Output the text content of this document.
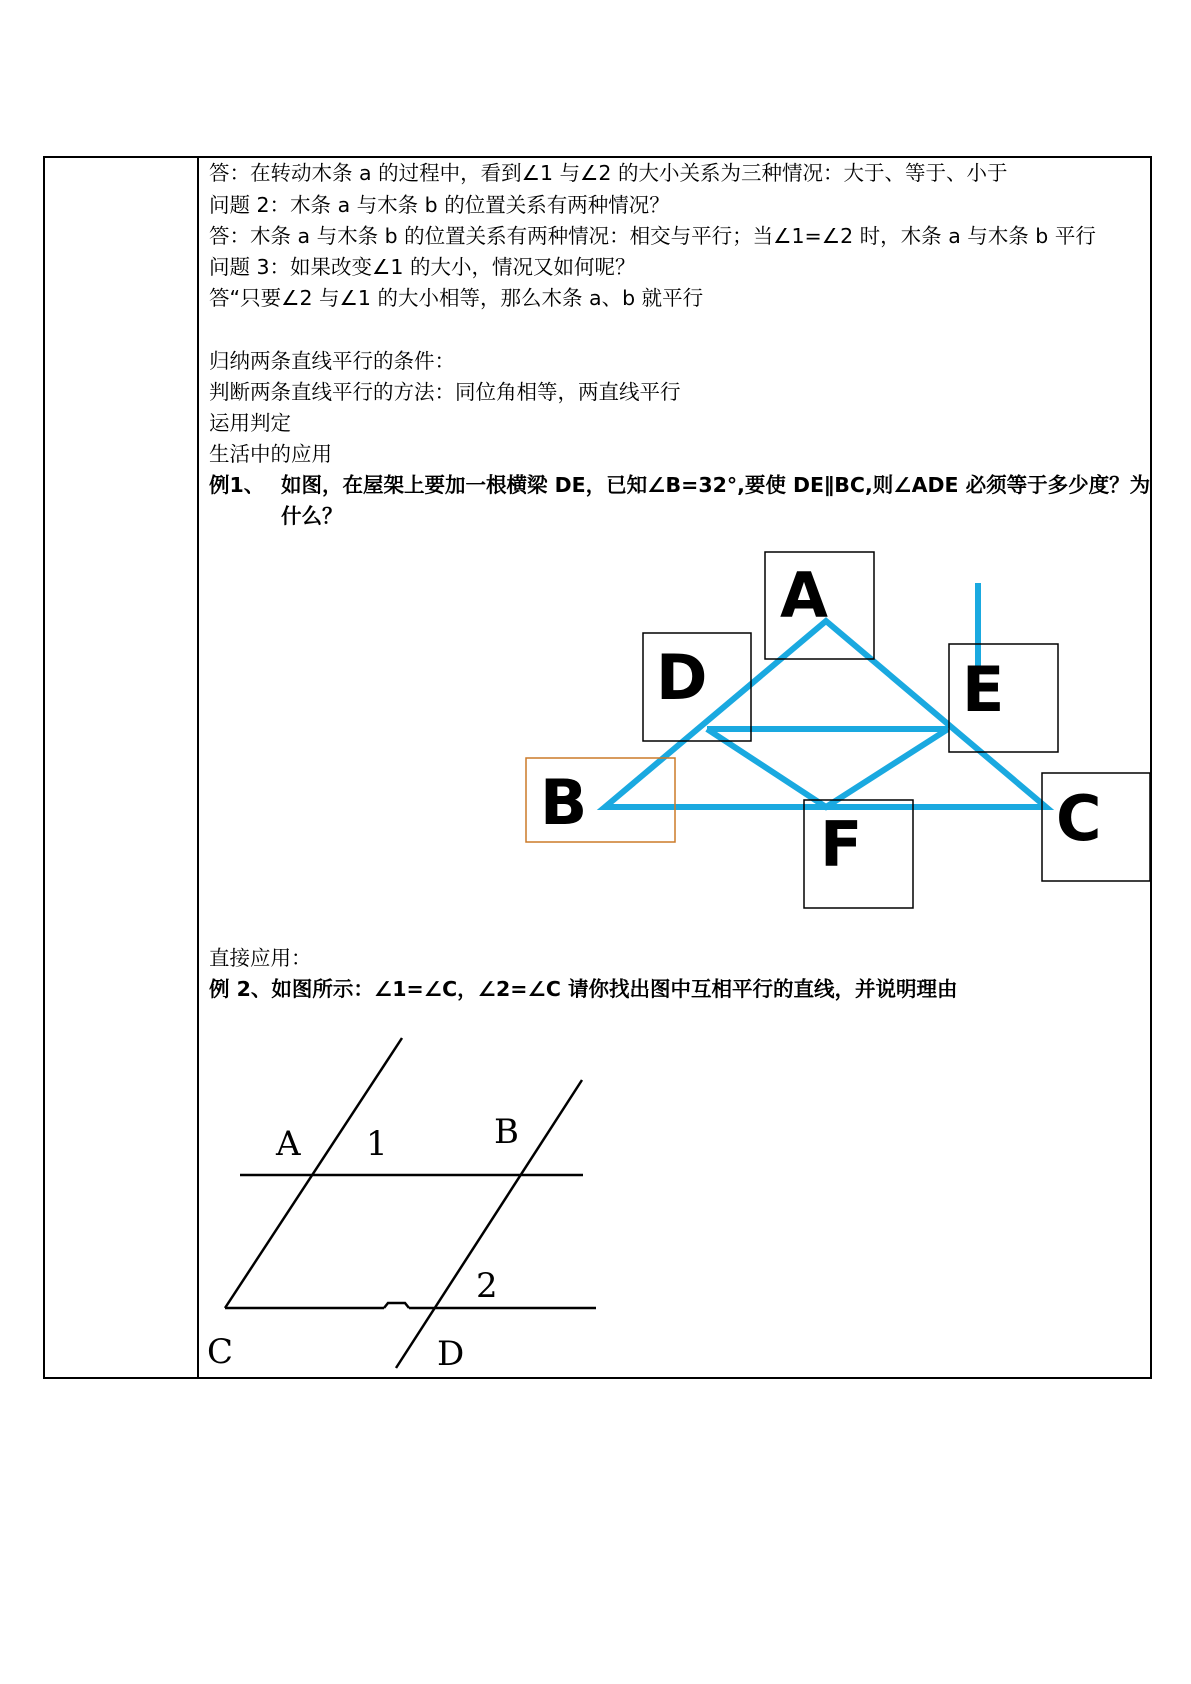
答：在转动木条 a 的过程中，看到∠1 与∠2 的大小关系为三种情况：大于、等于、小于
问题 2：木条 a 与木条 b 的位置关系有两种情况？
答：木条 a 与木条 b 的位置关系有两种情况：相交与平行；当∠1=∠2 时，木条 a 与木条 b 平行
问题 3：如果改变∠1 的大小，情况又如何呢？
答“只要∠2 与∠1 的大小相等，那么木条 a、b 就平行
归纳两条直线平行的条件：
判断两条直线平行的方法：同位角相等，两直线平行
运用判定
生活中的应用
例1、 如图，在屋架上要加一根横梁 DE，已知∠B=32°,要使 DE∥BC,则∠ADE 必须等于多少度？为什么？
A
D	E
B
F	C
直接应用：
例 2、如图所示：∠1=∠C，∠2=∠C 请你找出图中互相平行的直线，并说明理由
A 1	B
2
C	D
